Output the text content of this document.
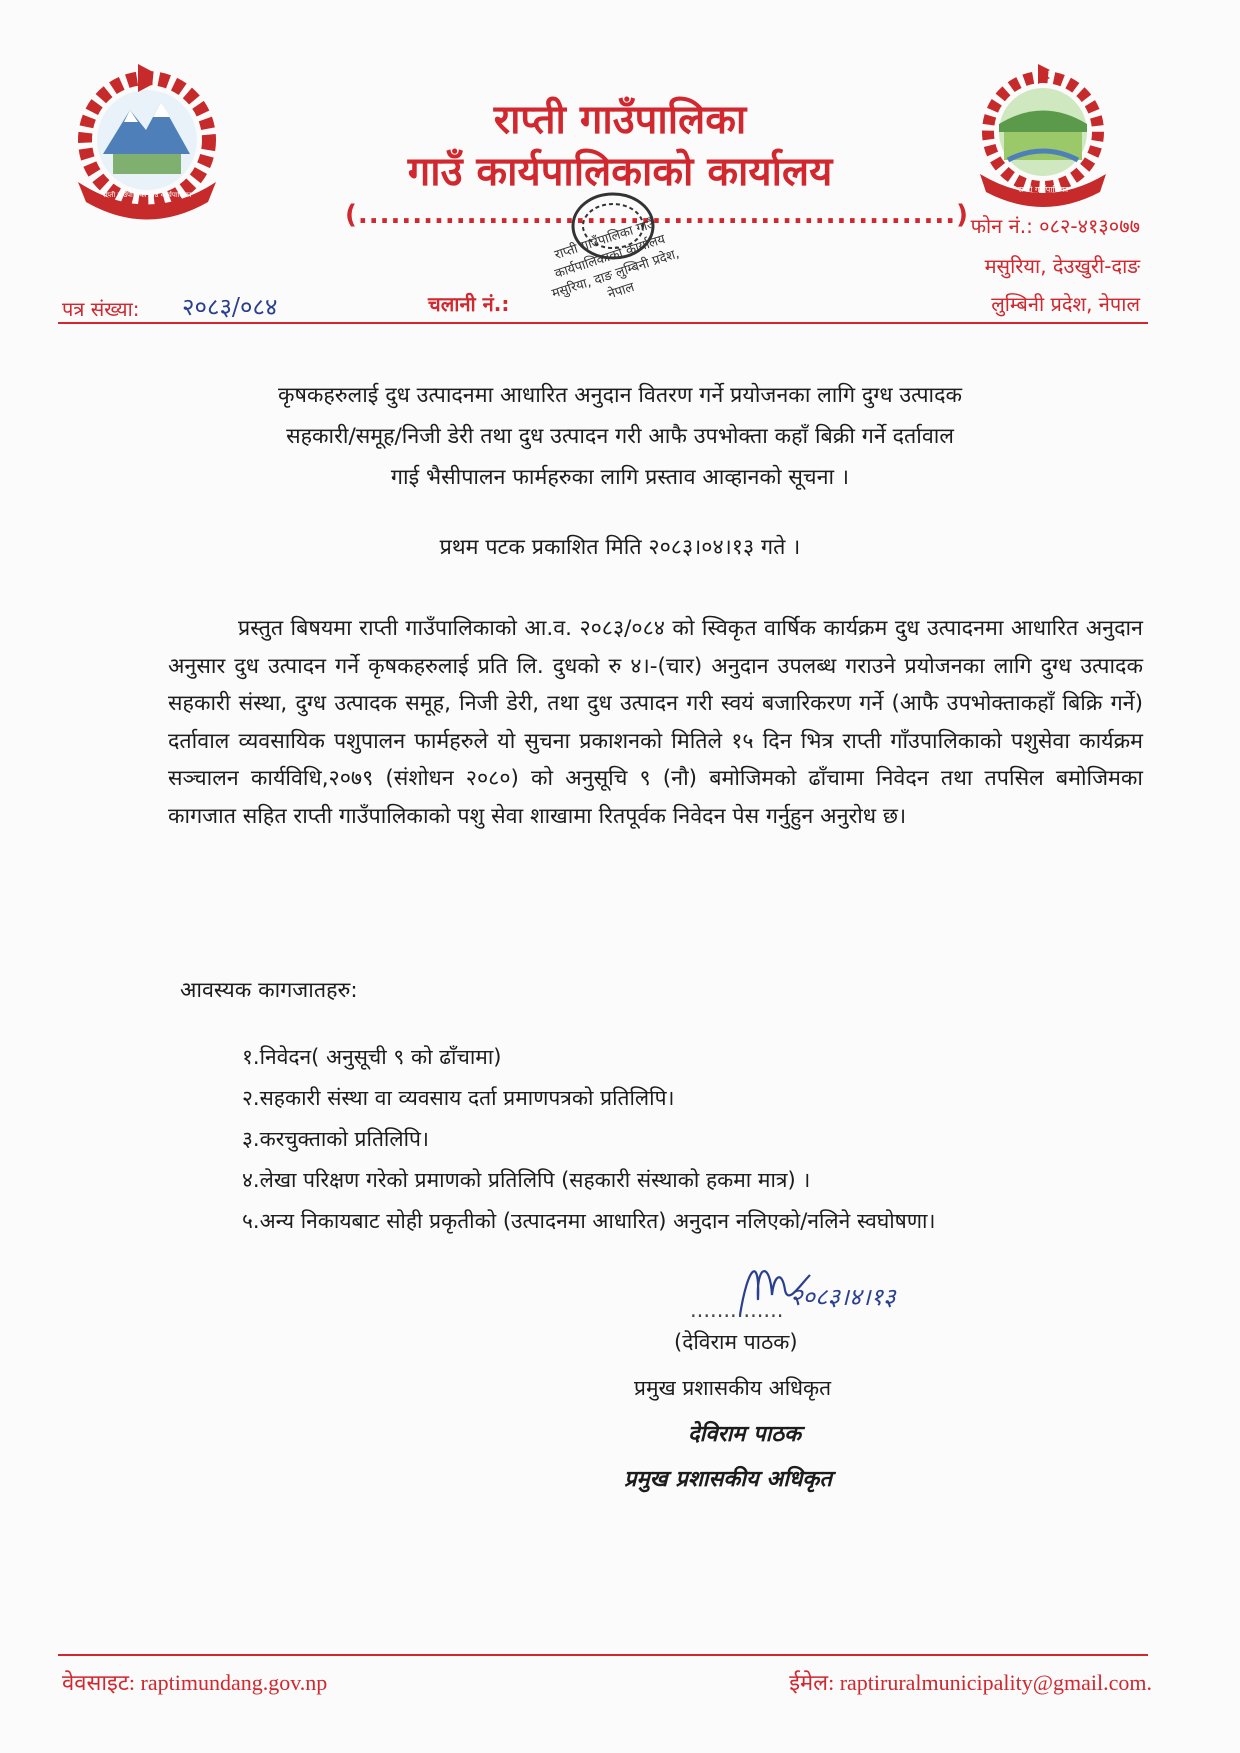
राप्ती गाउँपालिका गाउँ कार्यपालिका
राप्ती गाउँपालिका
राप्ती गाउँपालिका
गाउँ कार्यपालिकाको कार्यालय
(.......................................................) फोन नं.: ०८२-४१३०७७
मसुरिया, देउखुरी-दाङ
लुम्बिनी प्रदेश, नेपाल
पत्र संख्या: २०८३/०८४	चलानी नं.:
राप्ती गाउँपालिका गाउँ कार्यपालिकाको कार्यालय मसुरिया, दाङ लुम्बिनी प्रदेश, नेपाल
कृषकहरुलाई दुध उत्पादनमा आधारित अनुदान वितरण गर्ने प्रयोजनका लागि दुग्ध उत्पादक
सहकारी/समूह/निजी डेरी तथा दुध उत्पादन गरी आफै उपभोक्ता कहाँ बिक्री गर्ने दर्तावाल
गाई भैसीपालन फार्महरुका लागि प्रस्ताव आव्हानको सूचना ।
प्रथम पटक प्रकाशित मिति २०८३।०४।१३ गते ।
प्रस्तुत बिषयमा राप्ती गाउँपालिकाको आ.व. २०८३/०८४ को स्विकृत वार्षिक कार्यक्रम दुध उत्पादनमा आधारित अनुदान अनुसार दुध उत्पादन गर्ने कृषकहरुलाई प्रति लि. दुधको रु ४।-(चार) अनुदान उपलब्ध गराउने प्रयोजनका लागि दुग्ध उत्पादक सहकारी संस्था, दुग्ध उत्पादक समूह, निजी डेरी, तथा दुध उत्पादन गरी स्वयं बजारिकरण गर्ने (आफै उपभोक्ताकहाँ बिक्रि गर्ने) दर्तावाल व्यवसायिक पशुपालन फार्महरुले यो सुचना प्रकाशनको मितिले १५ दिन भित्र राप्ती गाँउपालिकाको पशुसेवा कार्यक्रम सञ्चालन कार्यविधि,२०७९ (संशोधन २०८०) को अनुसूचि ९ (नौ) बमोजिमको ढाँचामा निवेदन तथा तपसिल बमोजिमका कागजात सहित राप्ती गाउँपालिकाको पशु सेवा शाखामा रितपूर्वक निवेदन पेस गर्नुहुन अनुरोध छ।
आवस्यक कागजातहरु:
१.निवेदन( अनुसूची ९ को ढाँचामा)
२.सहकारी संस्था वा व्यवसाय दर्ता प्रमाणपत्रको प्रतिलिपि।
३.करचुक्ताको प्रतिलिपि।
४.लेखा परिक्षण गरेको प्रमाणको प्रतिलिपि (सहकारी संस्थाको हकमा मात्र) ।
५.अन्य निकायबाट सोही प्रकृतीको (उत्पादनमा आधारित) अनुदान नलिएको/नलिने स्वघोषणा।
२०८३।४।१३
..............
(देविराम पाठक)
प्रमुख प्रशासकीय अधिकृत
देविराम पाठक
प्रमुख प्रशासकीय अधिकृत
वेवसाइट: raptimundang.gov.np	ईमेल: raptiruralmunicipality@gmail.com.
